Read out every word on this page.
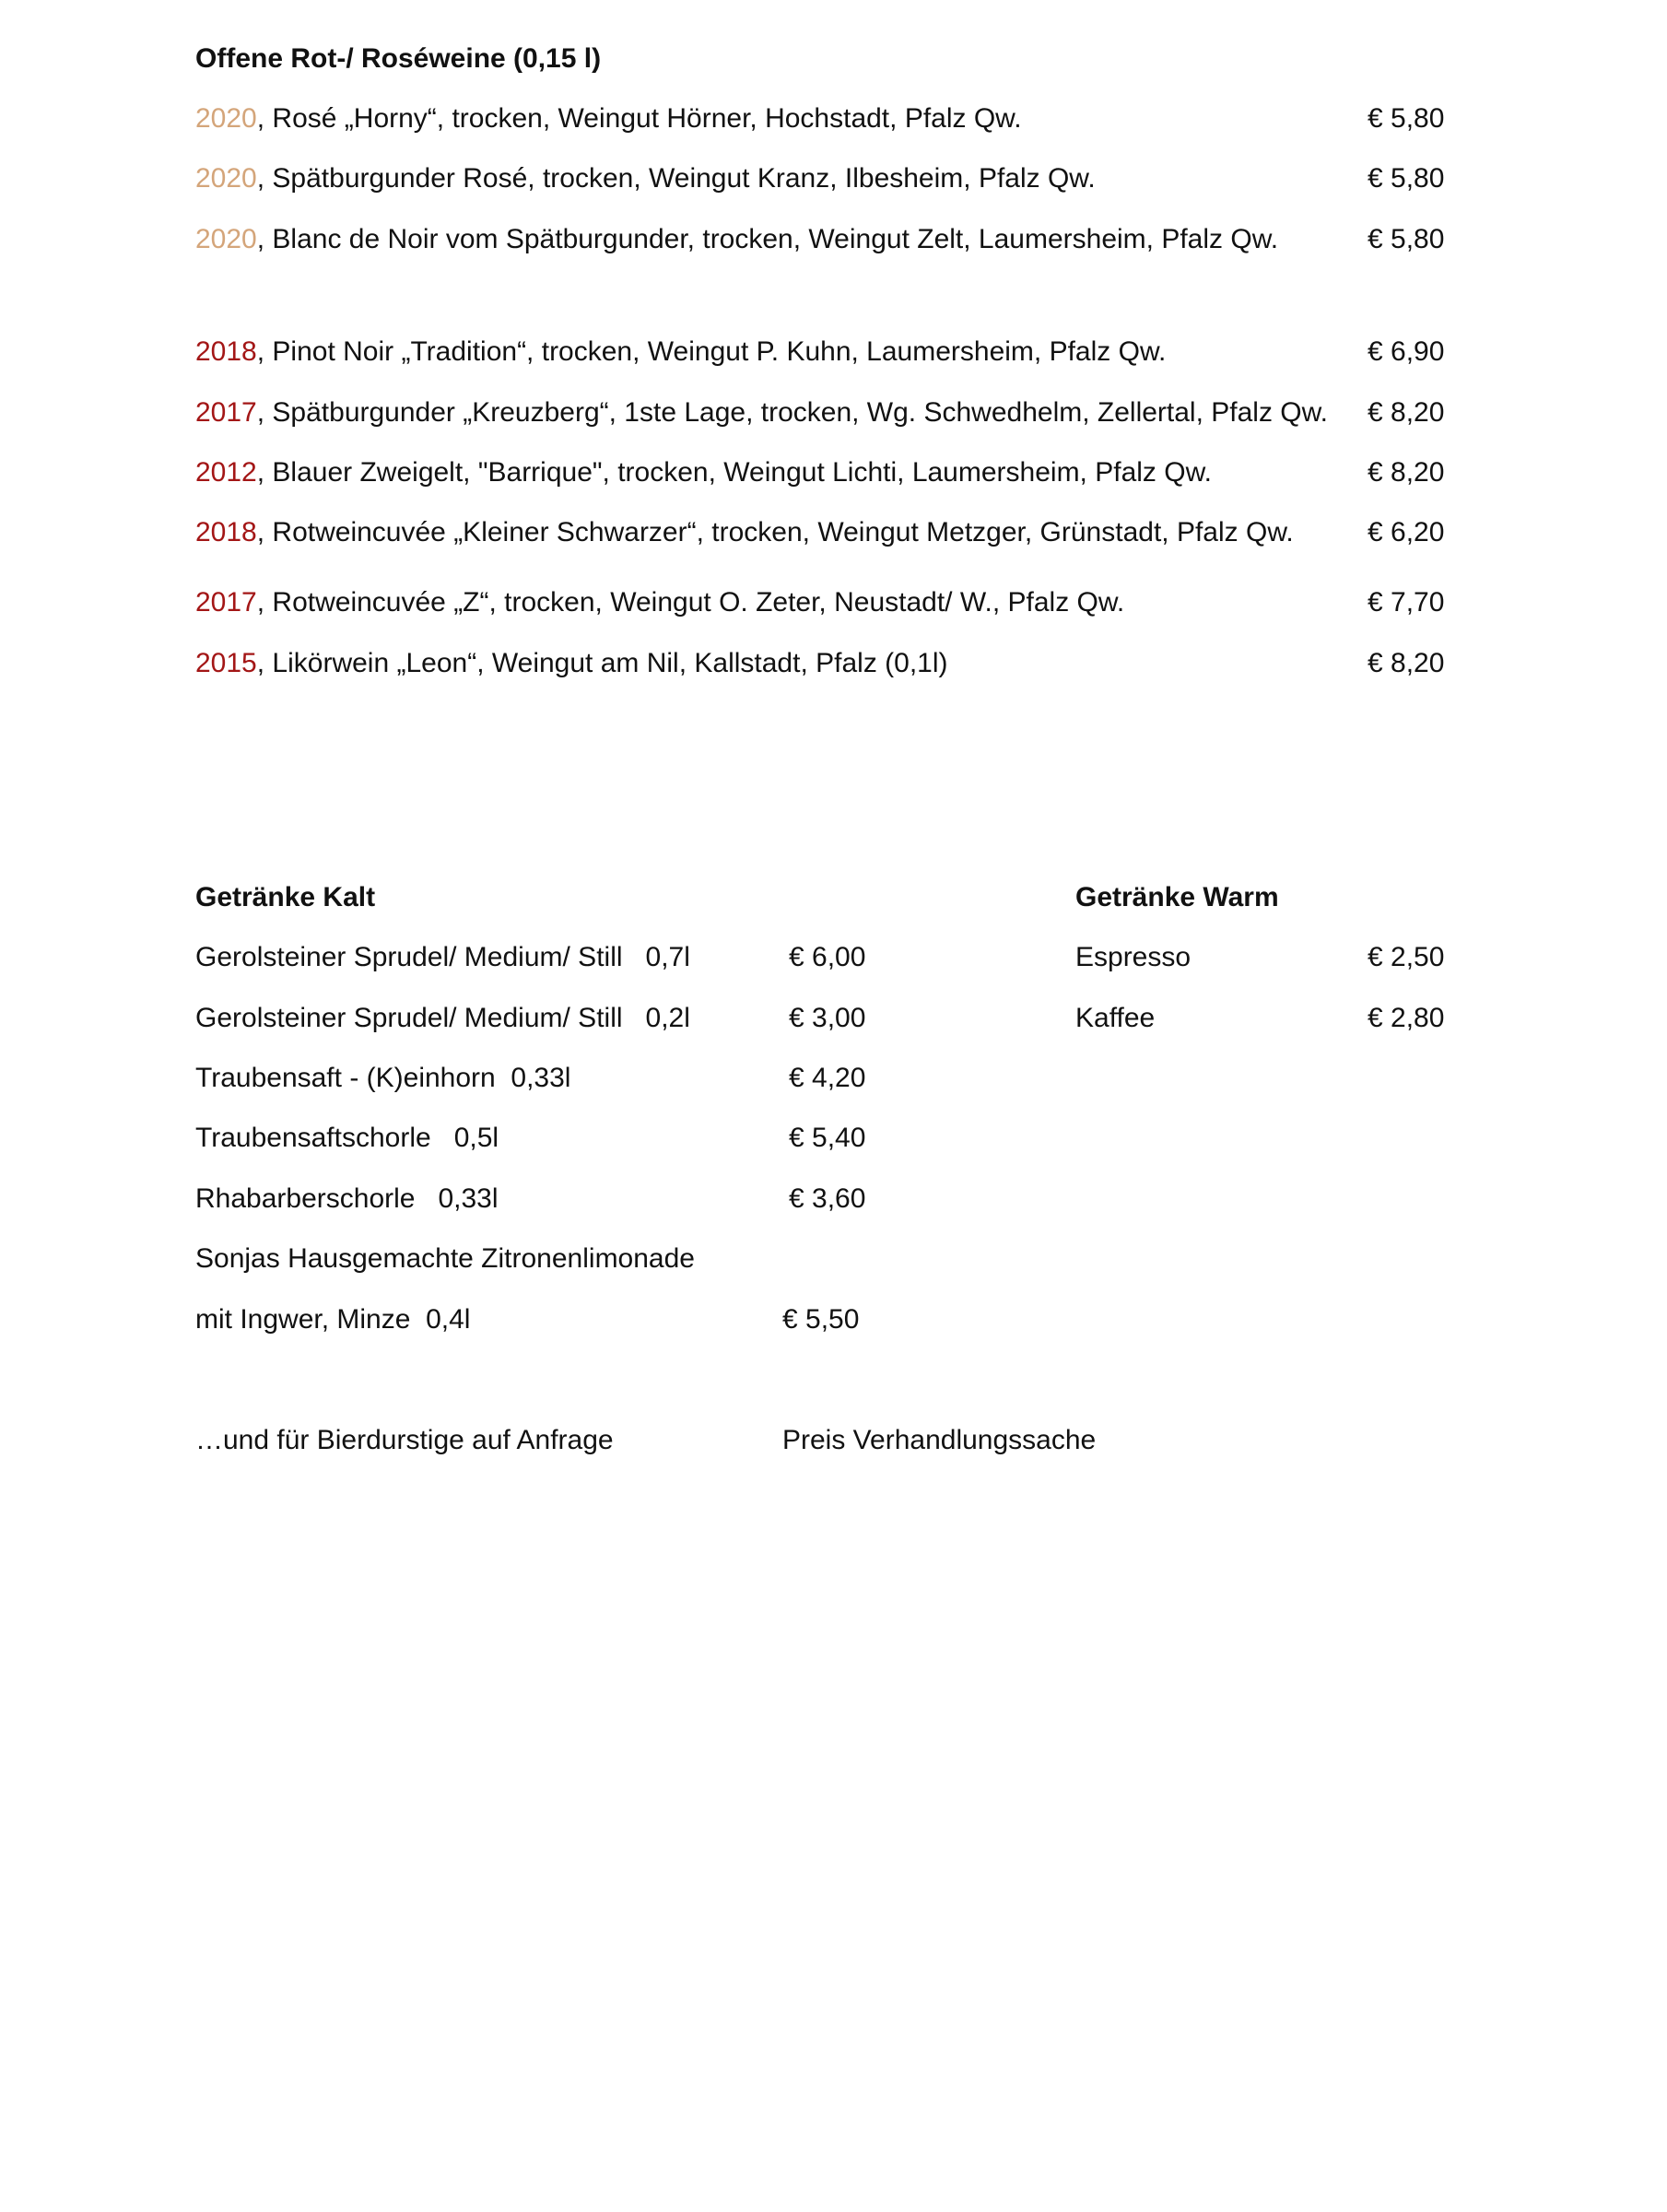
Offene Rot-/ Roséweine (0,15 l)
2020, Rosé „Horny“, trocken, Weingut Hörner, Hochstadt, Pfalz Qw.	€ 5,80
2020, Spätburgunder Rosé, trocken, Weingut Kranz, Ilbesheim, Pfalz Qw.	€ 5,80
2020, Blanc de Noir vom Spätburgunder, trocken, Weingut Zelt, Laumersheim, Pfalz Qw.	€ 5,80
2018, Pinot Noir „Tradition“, trocken, Weingut P. Kuhn, Laumersheim, Pfalz Qw.	€ 6,90
2017, Spätburgunder „Kreuzberg“, 1ste Lage, trocken, Wg. Schwedhelm, Zellertal, Pfalz Qw. € 8,20
2012, Blauer Zweigelt, "Barrique", trocken, Weingut Lichti, Laumersheim, Pfalz Qw.	€ 8,20
2018, Rotweincuvée „Kleiner Schwarzer“, trocken, Weingut Metzger, Grünstadt, Pfalz Qw.	€ 6,20
2017, Rotweincuvée „Z“, trocken, Weingut O. Zeter, Neustadt/ W., Pfalz Qw.	€ 7,70
2015, Likörwein „Leon“, Weingut am Nil, Kallstadt, Pfalz (0,1l)	€ 8,20
Getränke Kalt
Gerolsteiner Sprudel/ Medium/ Still   0,7l	€ 6,00
Gerolsteiner Sprudel/ Medium/ Still   0,2l	€ 3,00
Traubensaft - (K)einhorn  0,33l	€ 4,20
Traubensaftschorle   0,5l	€ 5,40
Rhabarberschorle   0,33l	€ 3,60
Sonjas Hausgemachte Zitronenlimonade
mit Ingwer, Minze  0,4l	€ 5,50
Getränke Warm
Espresso	€ 2,50
Kaffee	€ 2,80
…und für Bierdurstige auf Anfrage	Preis Verhandlungssache
